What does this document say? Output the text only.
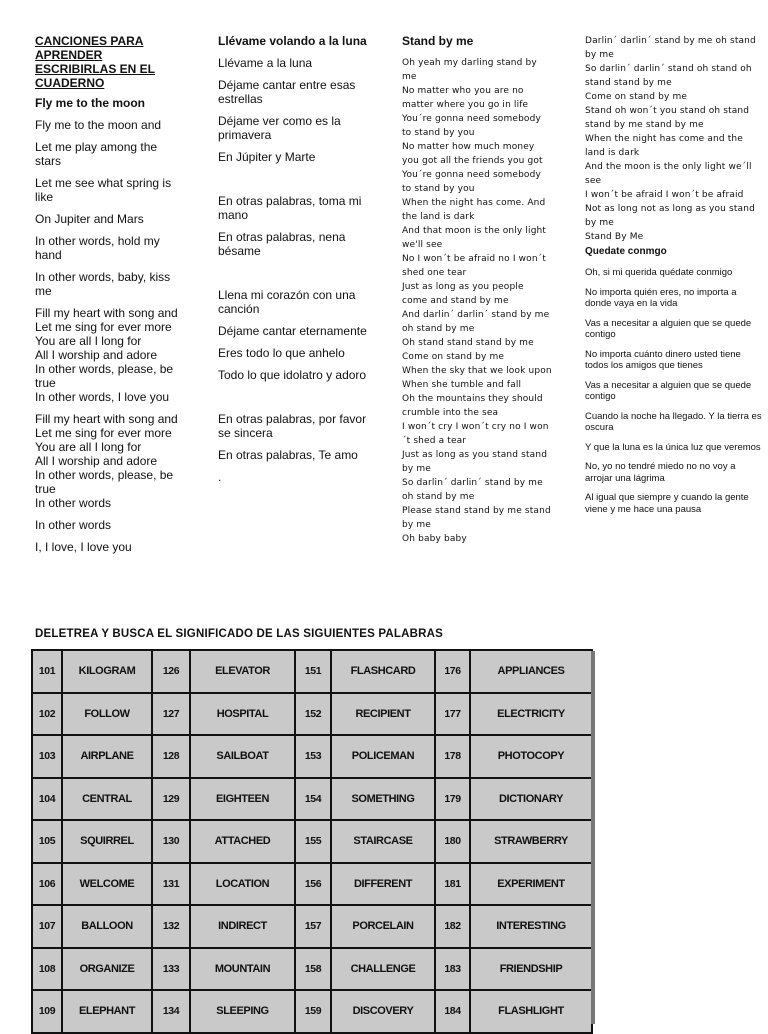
CANCIONES PARA APRENDER ESCRIBIRLAS EN EL CUADERNO
Fly me to the moon
Fly me to the moon and
Let me play among the stars
Let me see what spring is like
On Jupiter and Mars
In other words, hold my hand
In other words, baby, kiss me
Fill my heart with song and
Let me sing for ever more
You are all I long for
All I worship and adore
In other words, please, be true
In other words, I love you
Fill my heart with song and
Let me sing for ever more
You are all I long for
All I worship and adore
In other words, please, be true
In other words
In other words
I, I love, I love you
Llévame volando a la luna
Llévame a la luna
Déjame cantar entre esas estrellas
Déjame ver como es la primavera
En Júpiter y Marte
En otras palabras, toma mi mano
En otras palabras, nena bésame
Llena mi corazón con una canción
Déjame cantar eternamente
Eres todo lo que anhelo
Todo lo que idolatro y adoro
En otras palabras, por favor se sincera
En otras palabras, Te amo
.
Stand by me
Oh yeah my darling stand by me
No matter who you are no matter where you go in life
You´re gonna need somebody to stand by you
No matter how much money you got all the friends you got
You´re gonna need somebody to stand by you
When the night has come. And the land is dark
And that moon is the only light we'll see
No I won´t be afraid no I won´t shed one tear
Just as long as you people come and stand by me
And darlin´ darlin´ stand by me oh stand by me
Oh stand stand stand by me
Come on stand by me
When the sky that we look upon
When she tumble and fall
Oh the mountains they should crumble into the sea
I won´t cry I won´t cry no I won´t shed a tear
Just as long as you stand stand by me
So darlin´ darlin´ stand by me oh stand by me
Please stand stand by me stand by me
Oh baby baby
Darlin´ darlin´ stand by me oh stand by me
So darlin´ darlin´ stand oh stand oh stand stand by me
Come on stand by me
Stand oh won´t you stand oh stand stand by me stand by me
When the night has come and the land is dark
And the moon is the only light we´ll see
I won´t be afraid I won´t be afraid
Not as long not as long as you stand by me
Stand By Me
Quedate conmgo
Oh, si mi querida quédate conmigo
No importa quién eres, no importa a donde vaya en la vida
Vas a necesitar a alguien que se quede contigo
No importa cuánto dinero usted tiene todos los amigos que tienes
Vas a necesitar a alguien que se quede contigo
Cuando la noche ha llegado. Y la tierra es oscura
Y que la luna es la única luz que veremos
No, yo no tendré miedo no no voy a arrojar una lágrima
Al igual que siempre y cuando la gente viene y me hace una pausa
DELETREA Y BUSCA EL SIGNIFICADO DE LAS SIGUIENTES PALABRAS
101	KILOGRAM	126	ELEVATOR	151	FLASHCARD	176	APPLIANCES
102	FOLLOW	127	HOSPITAL	152	RECIPIENT	177	ELECTRICITY
103	AIRPLANE	128	SAILBOAT	153	POLICEMAN	178	PHOTOCOPY
104	CENTRAL	129	EIGHTEEN	154	SOMETHING	179	DICTIONARY
105	SQUIRREL	130	ATTACHED	155	STAIRCASE	180	STRAWBERRY
106	WELCOME	131	LOCATION	156	DIFFERENT	181	EXPERIMENT
107	BALLOON	132	INDIRECT	157	PORCELAIN	182	INTERESTING
108	ORGANIZE	133	MOUNTAIN	158	CHALLENGE	183	FRIENDSHIP
109	ELEPHANT	134	SLEEPING	159	DISCOVERY	184	FLASHLIGHT
